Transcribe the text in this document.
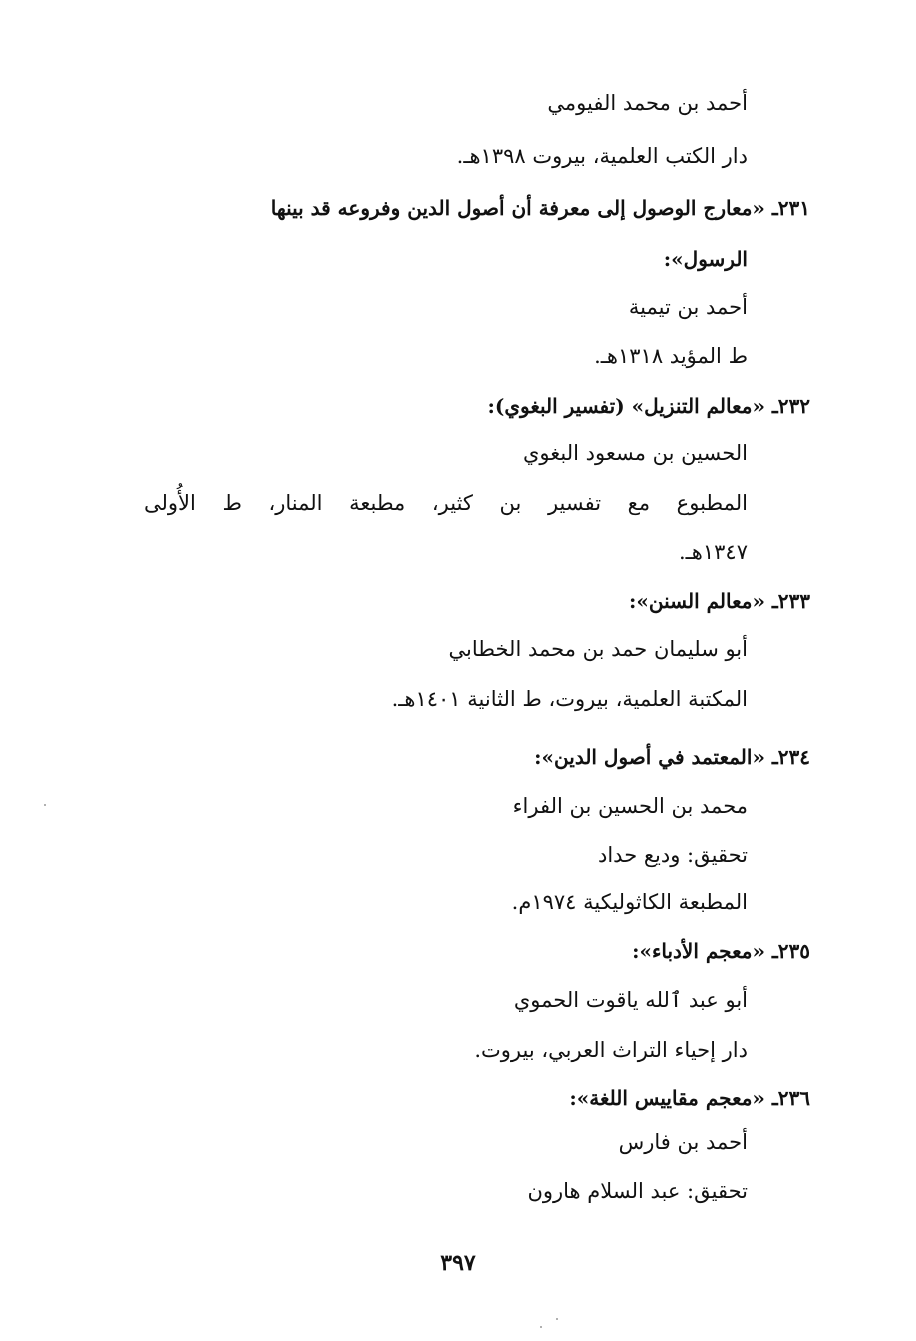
أحمد بن محمد الفيومي
دار الكتب العلمية، بيروت ١٣٩٨هـ.
٢٣١ـ «معارج الوصول إلى معرفة أن أصول الدين وفروعه قد بينها
الرسول»:
أحمد بن تيمية
ط المؤيد ١٣١٨هـ.
٢٣٢ـ «معالم التنزيل» (تفسير البغوي):
الحسين بن مسعود البغوي
المطبوع مع تفسير بن كثير، مطبعة المنار، ط الأُولى
١٣٤٧هـ.
٢٣٣ـ «معالم السنن»:
أبو سليمان حمد بن محمد الخطابي
المكتبة العلمية، بيروت، ط الثانية ١٤٠١هـ.
٢٣٤ـ «المعتمد في أصول الدين»:
محمد بن الحسين بن الفراء
تحقيق: وديع حداد
المطبعة الكاثوليكية ١٩٧٤م.
٢٣٥ـ «معجم الأدباء»:
أبو عبد ٱلله ياقوت الحموي
دار إحياء التراث العربي، بيروت.
٢٣٦ـ «معجم مقاييس اللغة»:
أحمد بن فارس
تحقيق: عبد السلام هارون
٣٩٧
